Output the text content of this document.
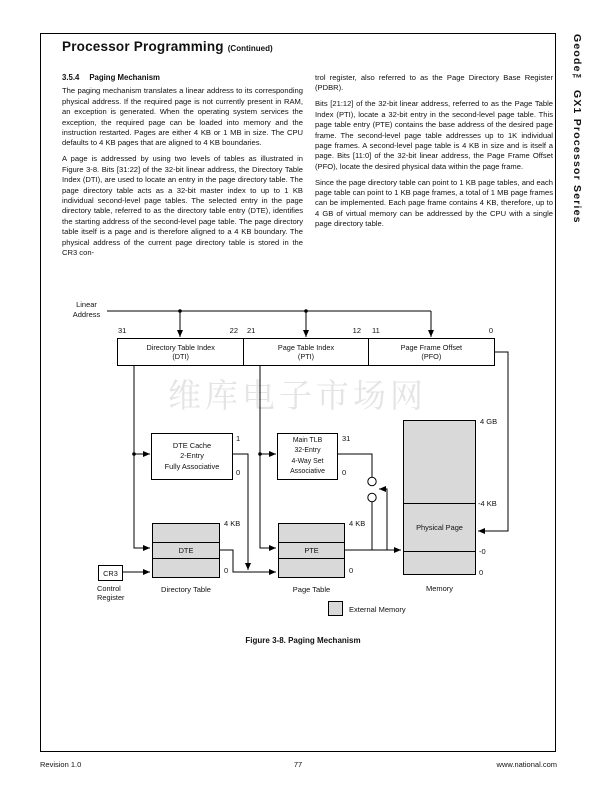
维库电子市场网
Geode™ GX1 Processor Series
Processor Programming (Continued)
3.5.4 Paging Mechanism

The paging mechanism translates a linear address to its corresponding physical address. If the required page is not currently present in RAM, an exception is generated. When the operating system services the exception, the required page can be loaded into memory and the instruction restarted. Pages are either 4 KB or 1 MB in size. The CPU defaults to 4 KB pages that are aligned to 4 KB boundaries.

A page is addressed by using two levels of tables as illustrated in Figure 3-8. Bits [31:22] of the 32-bit linear address, the Directory Table Index (DTI), are used to locate an entry in the page directory table. The page directory table acts as a 32-bit master index to up to 1 KB individual second-level page tables. The selected entry in the page directory table, referred to as the directory table entry (DTE), identifies the starting address of the second-level page table. The page directory table itself is a page and is therefore aligned to a 4 KB boundary. The physical address of the current page directory table is stored in the CR3 con-

trol register, also referred to as the Page Directory Base Register (PDBR).

Bits [21:12] of the 32-bit linear address, referred to as the Page Table Index (PTI), locate a 32-bit entry in the second-level page table. This page table entry (PTE) contains the base address of the desired page frame. The second-level page table addresses up to 1K individual page frames. A second-level page table is 4 KB in size and is itself a page. Bits [11:0] of the 32-bit linear address, the Page Frame Offset (PFO), locate the desired physical data within the page frame.

Since the page directory table can point to 1 KB page tables, and each page table can point to 1 KB page frames, a total of 1 MB page frames can be implemented. Each page frame contains 4 KB, therefore, up to 4 GB of virtual memory can be addressed by the CPU with a single page directory table.

Linear
Address
31	22 21	12 11	0
Directory Table Index
(DTI)
Page Table Index
(PTI)
Page Frame Offset
(PFO)
DTE Cache
2-Entry
Fully Associative
1
0
Main TLB
32-Entry
4-Way Set
Associative
31
0
DTE
4 KB
0
Directory Table
PTE
4 KB
0
Page Table
Physical Page
4 GB
-4 KB
-0
0
Memory
CR3
Control
Register
External Memory
Figure 3-8. Paging Mechanism
Revision 1.0	77	www.national.com
